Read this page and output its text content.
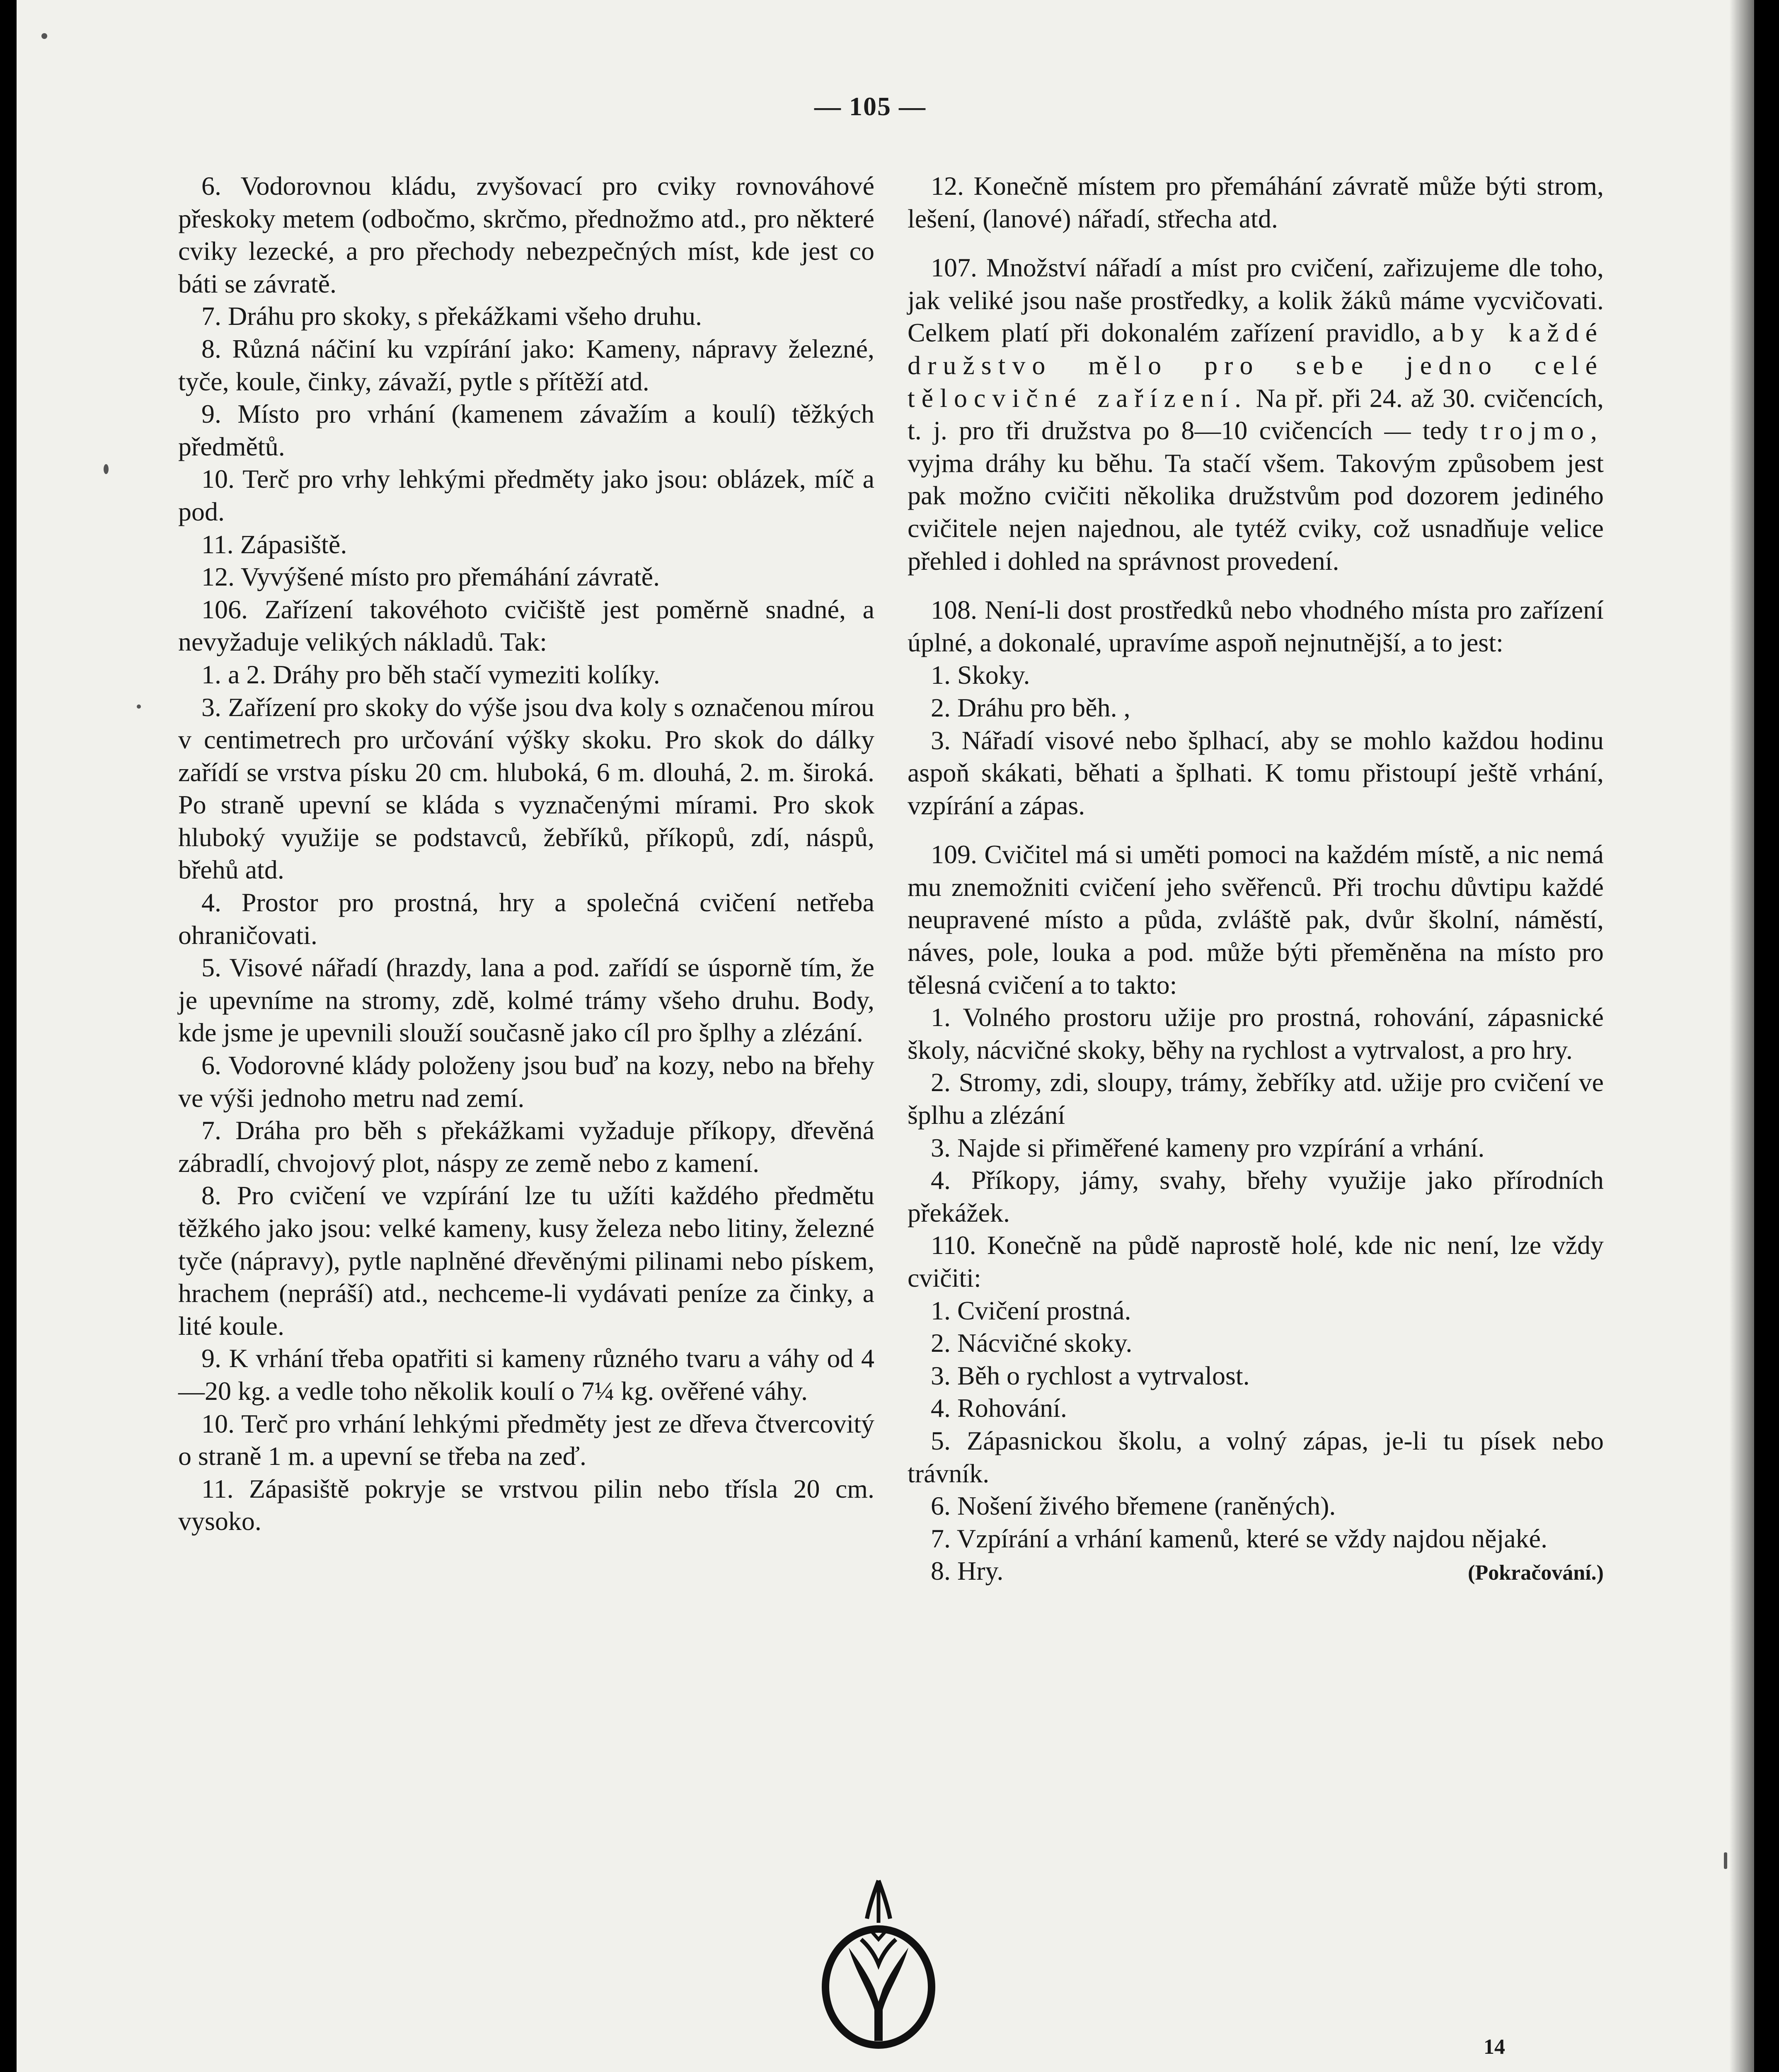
— 105 —

6. Vodorovnou kládu, zvyšovací pro cviky rovnováhové přeskoky metem (odbočmo, skrčmo, přednožmo atd., pro některé cviky lezecké, a pro přechody nebezpečných míst, kde jest co báti se závratě.

7. Dráhu pro skoky, s překážkami všeho druhu.

8. Různá náčiní ku vzpírání jako: Kameny, nápravy železné, tyče, koule, činky, závaží, pytle s přítěží atd.

9. Místo pro vrhání (kamenem závažím a koulí) těžkých předmětů.

10. Terč pro vrhy lehkými předměty jako jsou: oblázek, míč a pod.

11. Zápasiště.

12. Vyvýšené místo pro přemáhání závratě.

106. Zařízení takovéhoto cvičiště jest poměrně snadné, a nevyžaduje velikých nákladů. Tak:

1. a 2. Dráhy pro běh stačí vymeziti kolíky.

3. Zařízení pro skoky do výše jsou dva koly s označenou mírou v centimetrech pro určování výšky skoku. Pro skok do dálky zařídí se vrstva písku 20 cm. hluboká, 6 m. dlouhá, 2. m. široká. Po straně upevní se kláda s vyznačenými mírami. Pro skok hluboký využije se podstavců, žebříků, příkopů, zdí, náspů, břehů atd.

4. Prostor pro prostná, hry a společná cvičení netřeba ohraničovati.

5. Visové nářadí (hrazdy, lana a pod. zařídí se úsporně tím, že je upevníme na stromy, zdě, kolmé trámy všeho druhu. Body, kde jsme je upevnili slouží současně jako cíl pro šplhy a zlézání.

6. Vodorovné klády položeny jsou buď na kozy, nebo na břehy ve výši jednoho metru nad zemí.

7. Dráha pro běh s překážkami vyžaduje příkopy, dřevěná zábradlí, chvojový plot, náspy ze země nebo z kamení.

8. Pro cvičení ve vzpírání lze tu užíti každého předmětu těžkého jako jsou: velké kameny, kusy železa nebo litiny, železné tyče (nápravy), pytle naplněné dřevěnými pilinami nebo pískem, hrachem (nepráší) atd., nechceme-li vydávati peníze za činky, a lité koule.

9. K vrhání třeba opatřiti si kameny různého tvaru a váhy od 4—20 kg. a vedle toho několik koulí o 7¼ kg. ověřené váhy.

10. Terč pro vrhání lehkými předměty jest ze dřeva čtvercovitý o straně 1 m. a upevní se třeba na zeď.

11. Zápasiště pokryje se vrstvou pilin nebo třísla 20 cm. vysoko.

12. Konečně místem pro přemáhání závratě může býti strom, lešení, (lanové) nářadí, střecha atd.

107. Množství nářadí a míst pro cvičení, zařizujeme dle toho, jak veliké jsou naše prostředky, a kolik žáků máme vycvičovati. Celkem platí při dokonalém zařízení pravidlo, aby každé družstvo mělo pro sebe jedno celé tělocvičné zařízení. Na př. při 24. až 30. cvičencích, t. j. pro tři družstva po 8—10 cvičencích — tedy trojmo, vyjma dráhy ku běhu. Ta stačí všem. Takovým způsobem jest pak možno cvičiti několika družstvům pod dozorem jediného cvičitele nejen najednou, ale tytéž cviky, což usnadňuje velice přehled i dohled na správnost provedení.

108. Není-li dost prostředků nebo vhodného místa pro zařízení úplné, a dokonalé, upravíme aspoň nejnutnější, a to jest:

1. Skoky.

2. Dráhu pro běh. ,

3. Nářadí visové nebo šplhací, aby se mohlo každou hodinu aspoň skákati, běhati a šplhati. K tomu přistoupí ještě vrhání, vzpírání a zápas.

109. Cvičitel má si uměti pomoci na každém místě, a nic nemá mu znemožniti cvičení jeho svěřenců. Při trochu důvtipu každé neupravené místo a půda, zvláště pak, dvůr školní, náměstí, náves, pole, louka a pod. může býti přeměněna na místo pro tělesná cvičení a to takto:

1. Volného prostoru užije pro prostná, rohování, zápasnické školy, nácvičné skoky, běhy na rychlost a vytrvalost, a pro hry.

2. Stromy, zdi, sloupy, trámy, žebříky atd. užije pro cvičení ve šplhu a zlézání

3. Najde si přiměřené kameny pro vzpírání a vrhání.

4. Příkopy, jámy, svahy, břehy využije jako přírodních překážek.

110. Konečně na půdě naprostě holé, kde nic není, lze vždy cvičiti:

1. Cvičení prostná.

2. Nácvičné skoky.

3. Běh o rychlost a vytrvalost.

4. Rohování.

5. Zápasnickou školu, a volný zápas, je-li tu písek nebo trávník.

6. Nošení živého břemene (raněných).

7. Vzpírání a vrhání kamenů, které se vždy najdou nějaké.

8. Hry.	(Pokračování.)
14
